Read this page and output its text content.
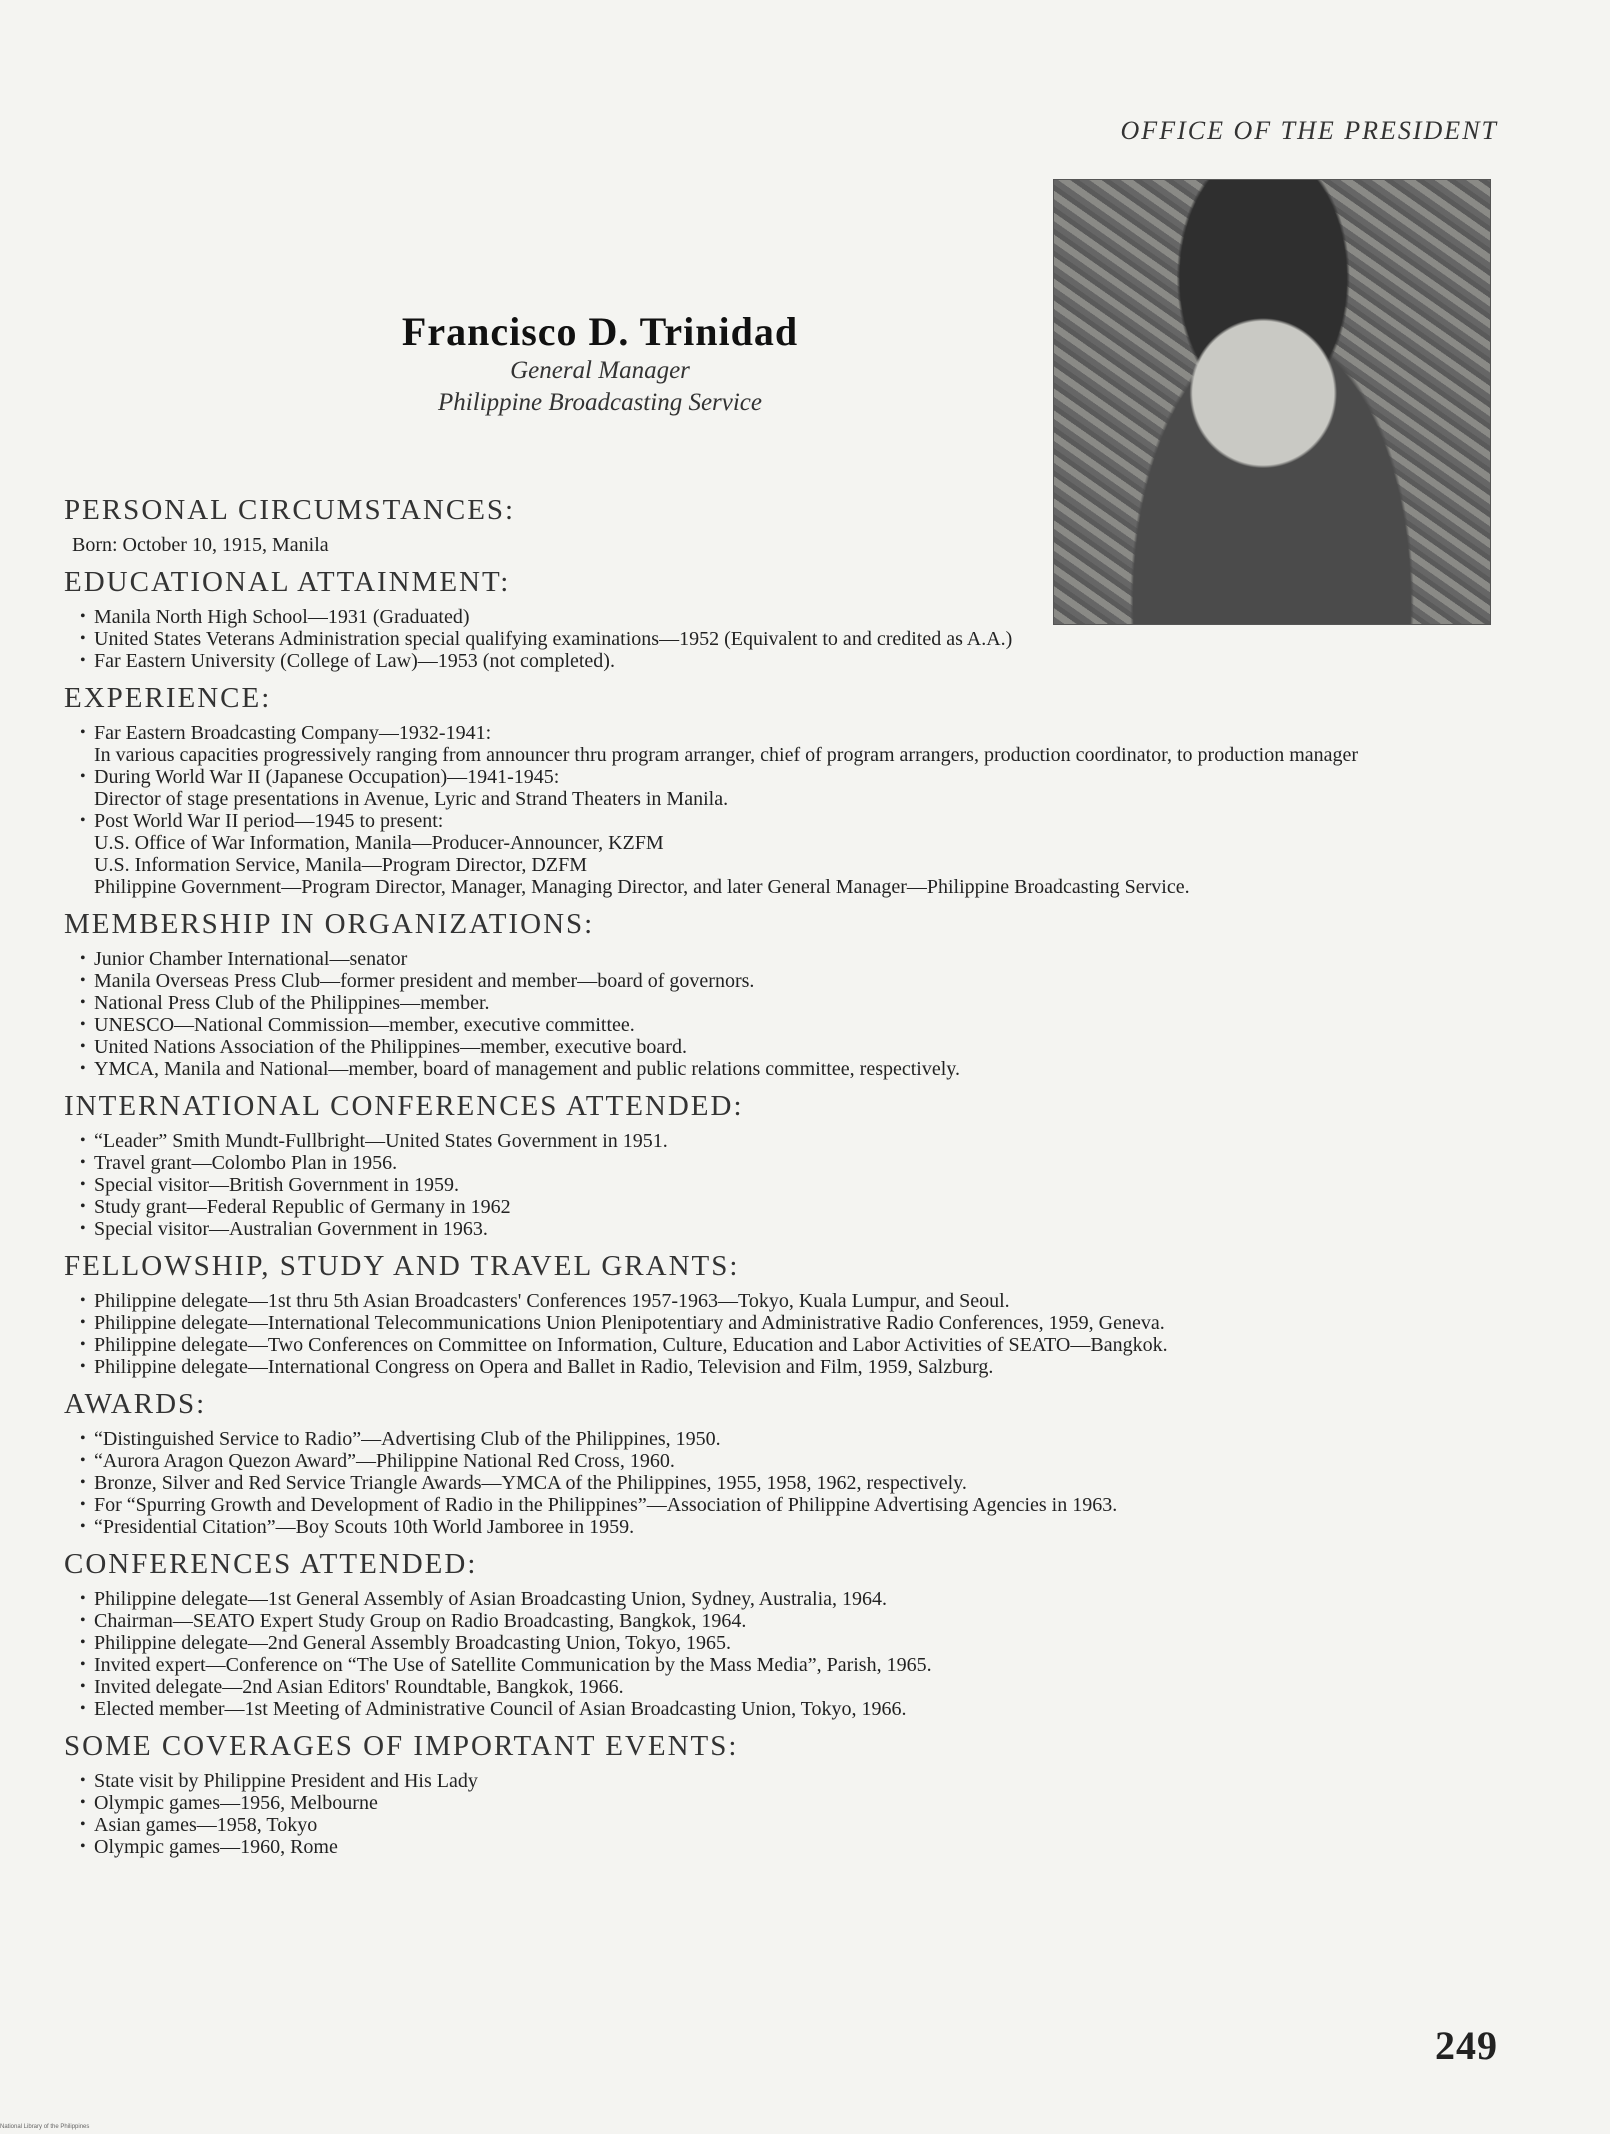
OFFICE OF THE PRESIDENT
Francisco D. Trinidad
General Manager
Philippine Broadcasting Service
PERSONAL CIRCUMSTANCES:
Born: October 10, 1915, Manila
EDUCATIONAL ATTAINMENT:
• Manila North High School—1931 (Graduated)
• United States Veterans Administration special qualifying examinations—1952 (Equivalent to and credited as A.A.)
• Far Eastern University (College of Law)—1953 (not completed).
EXPERIENCE:
• Far Eastern Broadcasting Company—1932-1941:
In various capacities progressively ranging from announcer thru program arranger, chief of program arrangers, production coordinator, to production manager
• During World War II (Japanese Occupation)—1941-1945:
Director of stage presentations in Avenue, Lyric and Strand Theaters in Manila.
• Post World War II period—1945 to present:
U.S. Office of War Information, Manila—Producer-Announcer, KZFM
U.S. Information Service, Manila—Program Director, DZFM
Philippine Government—Program Director, Manager, Managing Director, and later General Manager—Philippine Broadcasting Service.
MEMBERSHIP IN ORGANIZATIONS:
• Junior Chamber International—senator
• Manila Overseas Press Club—former president and member—board of governors.
• National Press Club of the Philippines—member.
• UNESCO—National Commission—member, executive committee.
• United Nations Association of the Philippines—member, executive board.
• YMCA, Manila and National—member, board of management and public relations committee, respectively.
INTERNATIONAL CONFERENCES ATTENDED:
• “Leader” Smith Mundt-Fullbright—United States Government in 1951.
• Travel grant—Colombo Plan in 1956.
• Special visitor—British Government in 1959.
• Study grant—Federal Republic of Germany in 1962
• Special visitor—Australian Government in 1963.
FELLOWSHIP, STUDY AND TRAVEL GRANTS:
• Philippine delegate—1st thru 5th Asian Broadcasters' Conferences 1957-1963—Tokyo, Kuala Lumpur, and Seoul.
• Philippine delegate—International Telecommunications Union Plenipotentiary and Administrative Radio Conferences, 1959, Geneva.
• Philippine delegate—Two Conferences on Committee on Information, Culture, Education and Labor Activities of SEATO—Bangkok.
• Philippine delegate—International Congress on Opera and Ballet in Radio, Television and Film, 1959, Salzburg.
AWARDS:
• “Distinguished Service to Radio”—Advertising Club of the Philippines, 1950.
• “Aurora Aragon Quezon Award”—Philippine National Red Cross, 1960.
• Bronze, Silver and Red Service Triangle Awards—YMCA of the Philippines, 1955, 1958, 1962, respectively.
• For “Spurring Growth and Development of Radio in the Philippines”—Association of Philippine Advertising Agencies in 1963.
• “Presidential Citation”—Boy Scouts 10th World Jamboree in 1959.
CONFERENCES ATTENDED:
• Philippine delegate—1st General Assembly of Asian Broadcasting Union, Sydney, Australia, 1964.
• Chairman—SEATO Expert Study Group on Radio Broadcasting, Bangkok, 1964.
• Philippine delegate—2nd General Assembly Broadcasting Union, Tokyo, 1965.
• Invited expert—Conference on “The Use of Satellite Communication by the Mass Media”, Parish, 1965.
• Invited delegate—2nd Asian Editors' Roundtable, Bangkok, 1966.
• Elected member—1st Meeting of Administrative Council of Asian Broadcasting Union, Tokyo, 1966.
SOME COVERAGES OF IMPORTANT EVENTS:
• State visit by Philippine President and His Lady
• Olympic games—1956, Melbourne
• Asian games—1958, Tokyo
• Olympic games—1960, Rome
249
National Library of the Philippines
